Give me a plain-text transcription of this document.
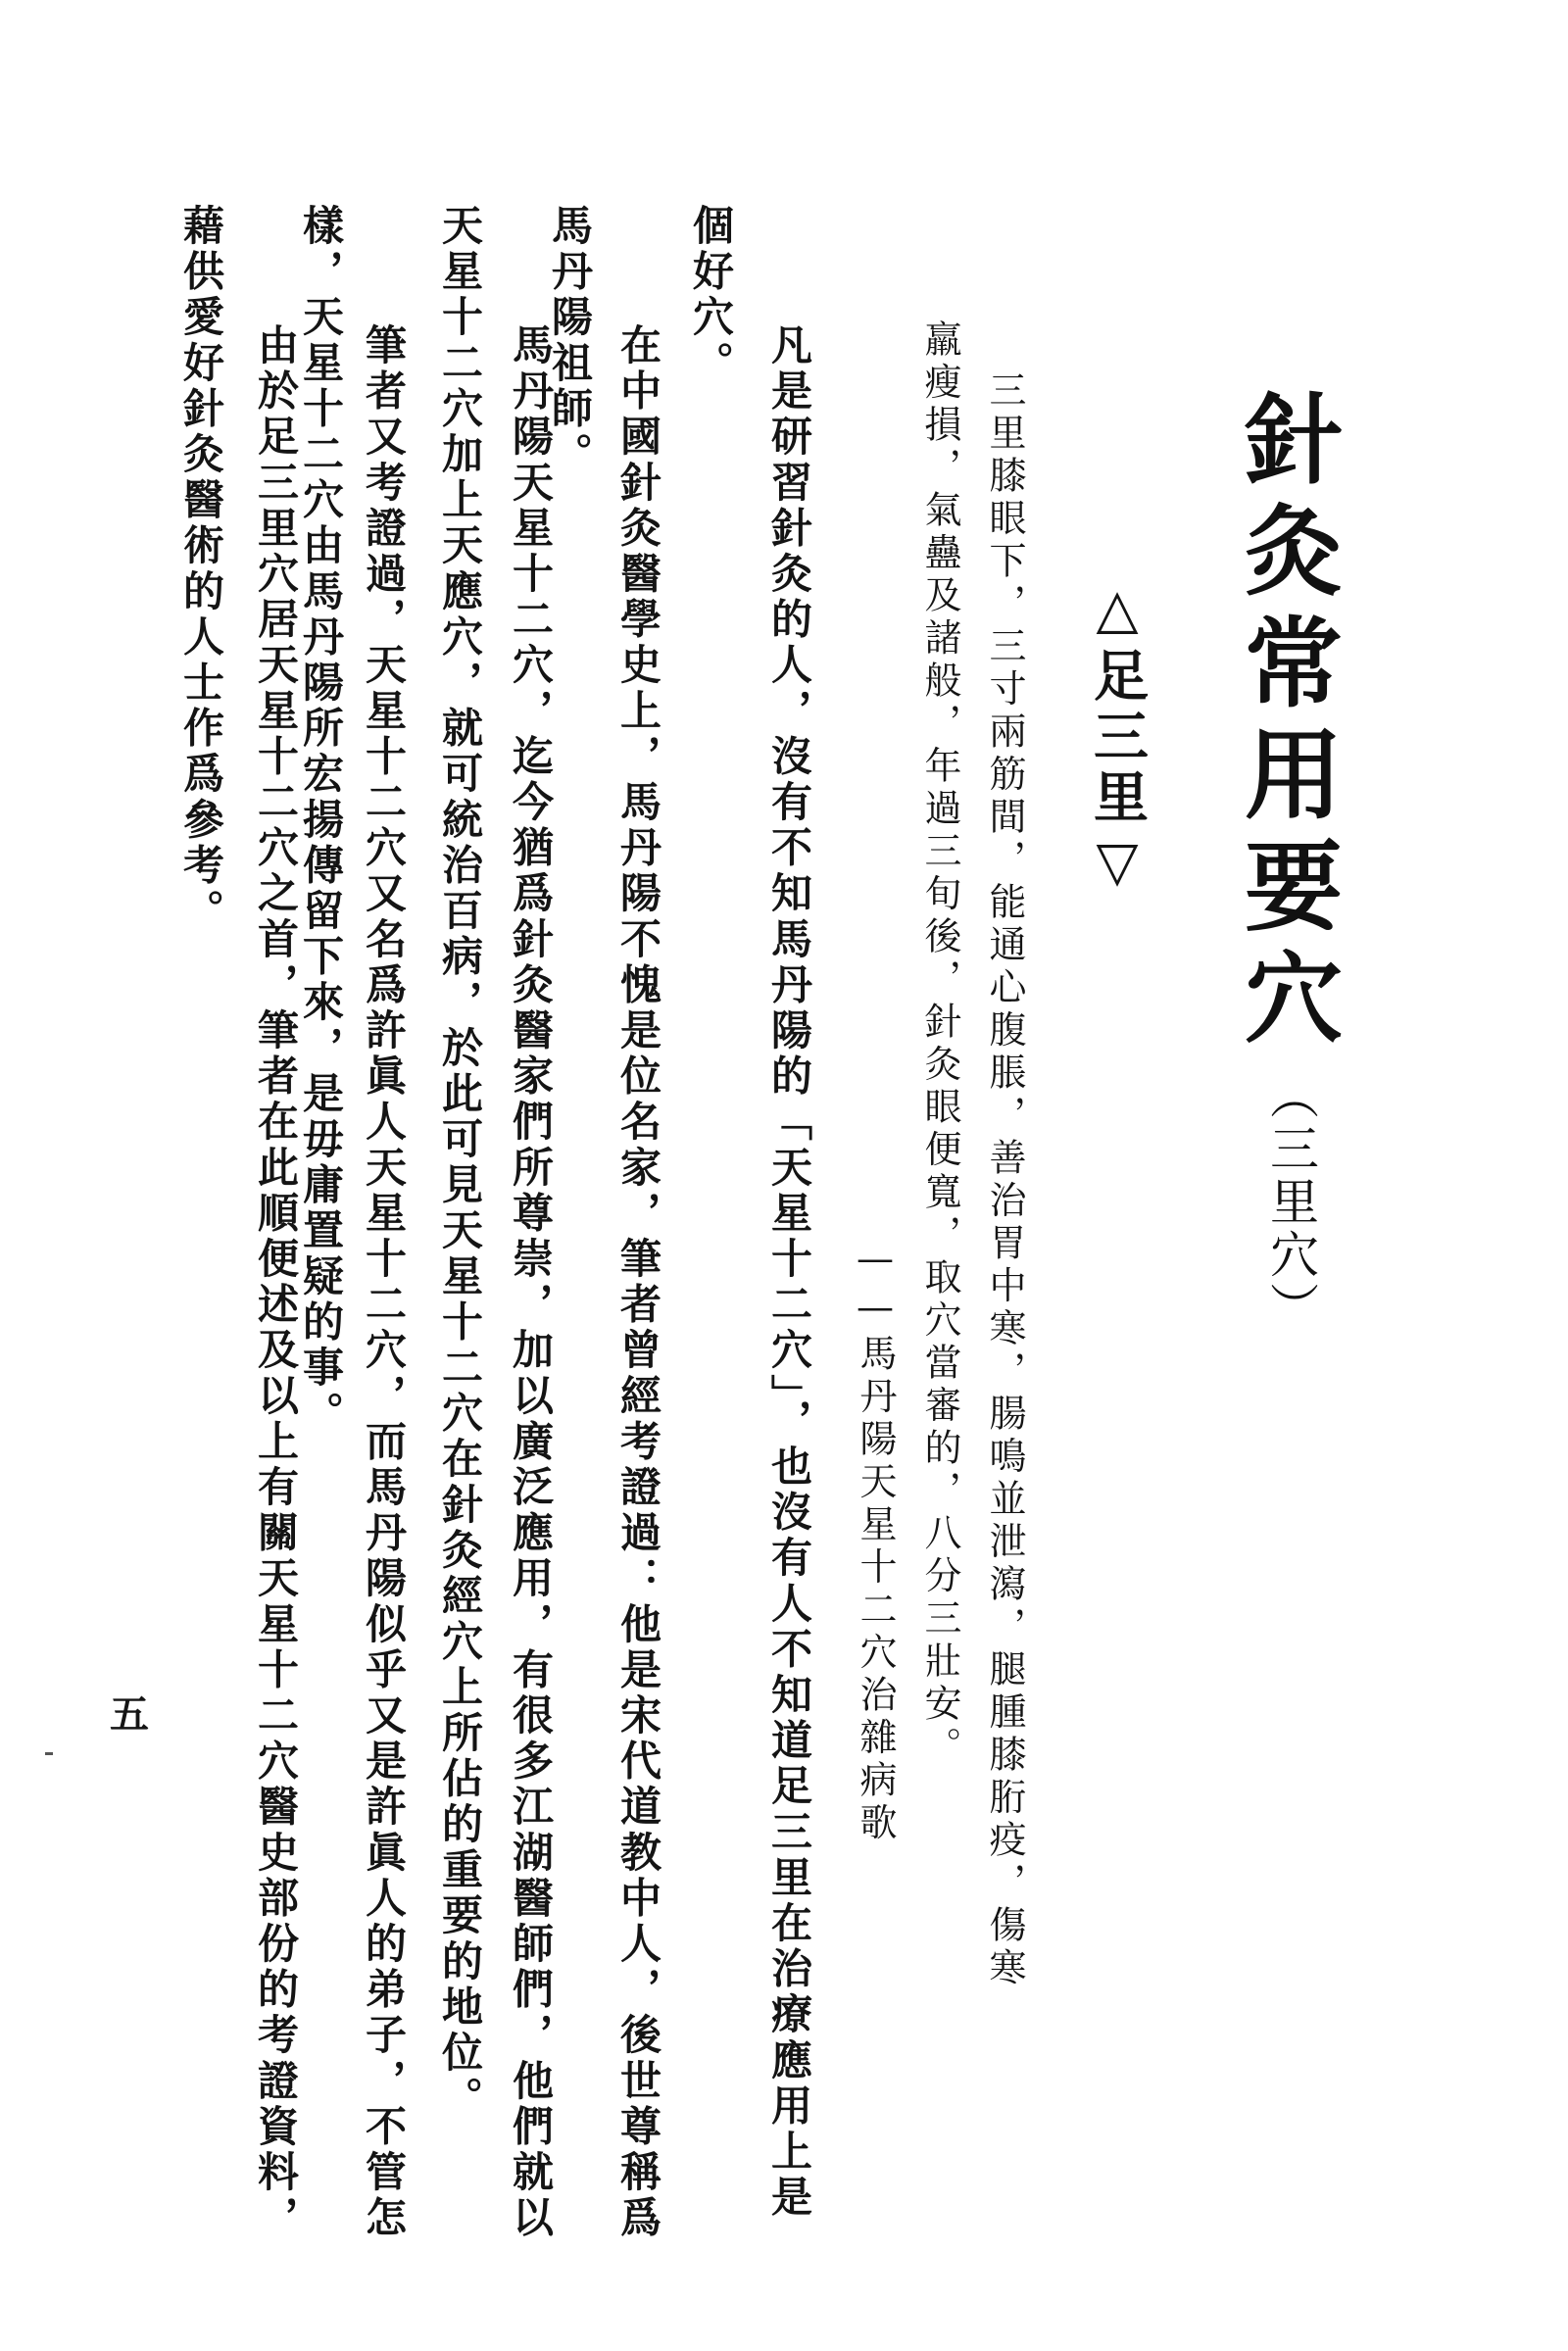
針灸常用要穴
（三里穴）
△足三里▽
三里膝眼下，三寸兩筋間，能通心腹脹，善治胃中寒，腸鳴並泄瀉，腿腫膝胻疫，傷寒
羸瘦損，氣蠱及諸般，年過三旬後，針灸眼便寬，取穴當審的，八分三壯安。
——馬丹陽天星十二穴治雜病歌
凡是研習針灸的人，沒有不知馬丹陽的「天星十二穴」，也沒有人不知道足三里在治療應用上是
個好穴。
在中國針灸醫學史上，馬丹陽不愧是位名家，筆者曾經考證過：他是宋代道教中人，後世尊稱爲
馬丹陽祖師。
馬丹陽天星十二穴，迄今猶爲針灸醫家們所尊崇，加以廣泛應用，有很多江湖醫師們，他們就以
天星十二穴加上天應穴，就可統治百病，於此可見天星十二穴在針灸經穴上所佔的重要的地位。
筆者又考證過，天星十二穴又名爲許眞人天星十二穴，而馬丹陽似乎又是許眞人的弟子，不管怎
樣，天星十二穴由馬丹陽所宏揚傳留下來，是毋庸置疑的事。
由於足三里穴居天星十二穴之首，筆者在此順便述及以上有關天星十二穴醫史部份的考證資料，
藉供愛好針灸醫術的人士作爲參考。
五
